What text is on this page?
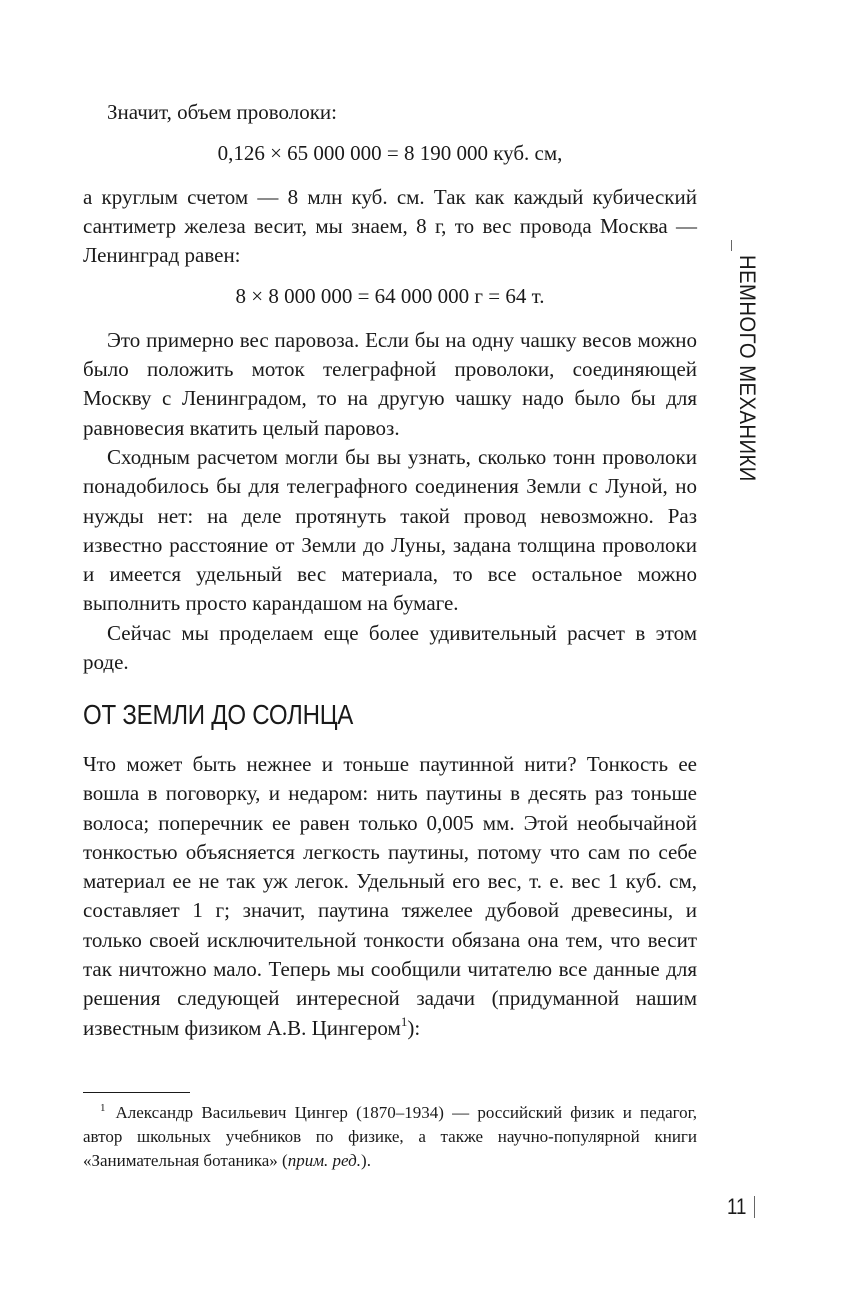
Значит, объем проволоки:

0,126 × 65 000 000 = 8 190 000 куб. см,

а круглым счетом — 8 млн куб. см. Так как каждый кубический сантиметр железа весит, мы знаем, 8 г, то вес провода Москва — Ленинград равен:

8 × 8 000 000 = 64 000 000 г = 64 т.

Это примерно вес паровоза. Если бы на одну чашку весов можно было положить моток телеграфной проволоки, соединяющей Москву с Ленинградом, то на другую чашку надо было бы для равновесия вкатить целый паровоз.

Сходным расчетом могли бы вы узнать, сколько тонн проволоки понадобилось бы для телеграфного соединения Земли с Луной, но нужды нет: на деле протянуть такой провод невозможно. Раз известно расстояние от Земли до Луны, задана толщина проволоки и имеется удельный вес материала, то все остальное можно выполнить просто карандашом на бумаге.

Сейчас мы проделаем еще более удивительный расчет в этом роде.

ОТ ЗЕМЛИ ДО СОЛНЦА

Что может быть нежнее и тоньше паутинной нити? Тонкость ее вошла в поговорку, и недаром: нить паутины в десять раз тоньше волоса; поперечник ее равен только 0,005 мм. Этой необычайной тонкостью объясняется легкость паутины, потому что сам по себе материал ее не так уж легок. Удельный его вес, т. е. вес 1 куб. см, составляет 1 г; значит, паутина тяжелее дубовой древесины, и только своей исключительной тонкости обязана она тем, что весит так ничтожно мало. Теперь мы сообщили читателю все данные для решения следующей интересной задачи (придуманной нашим известным физиком А.В. Цингером$^1$):

$^1$ Александр Васильевич Цингер (1870–1934) — российский физик и педагог, автор школьных учебников по физике, а также научно-популярной книги «Занимательная ботаника» (прим. ред.).

НЕМНОГО МЕХАНИКИ
11
